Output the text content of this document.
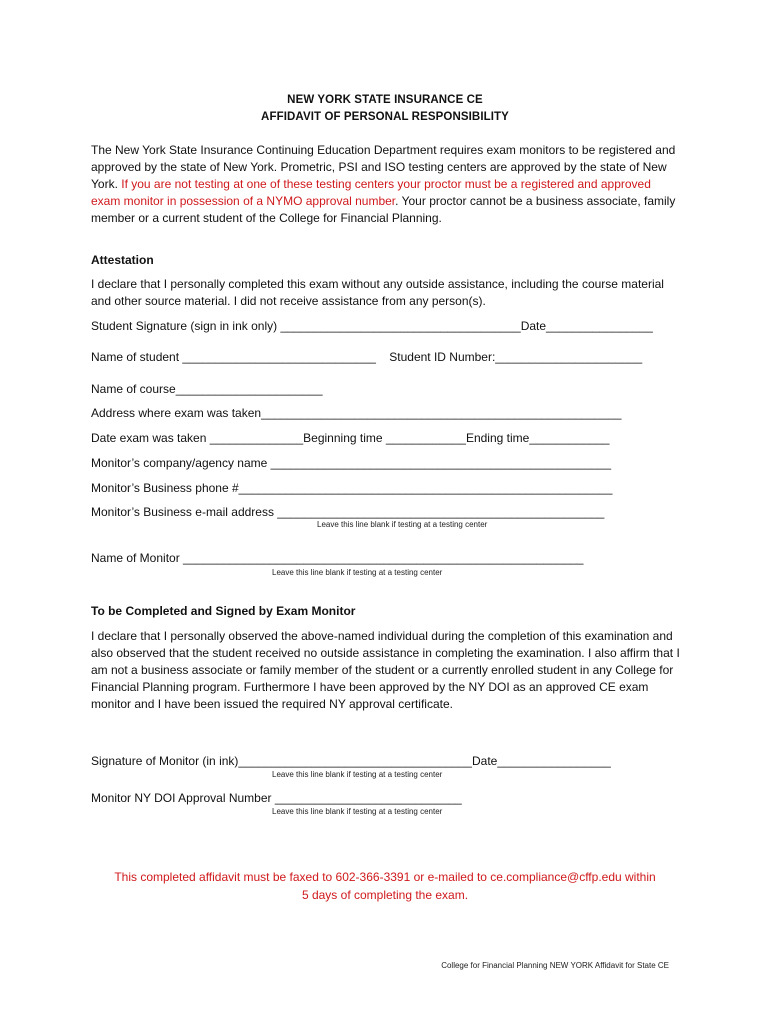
NEW YORK STATE INSURANCE CE
AFFIDAVIT OF PERSONAL RESPONSIBILITY
The New York State Insurance Continuing Education Department requires exam monitors to be registered and approved by the state of New York. Prometric, PSI and ISO testing centers are approved by the state of New York. If you are not testing at one of these testing centers your proctor must be a registered and approved exam monitor in possession of a NYMO approval number. Your proctor cannot be a business associate, family member or a current student of the College for Financial Planning.
Attestation
I declare that I personally completed this exam without any outside assistance, including the course material and other source material. I did not receive assistance from any person(s).
Student Signature (sign in ink only) ____________________________________Date________________
Name of student _____________________________    Student ID Number:______________________
Name of course______________________
Address where exam was taken______________________________________________________
Date exam was taken ______________Beginning time ____________Ending time____________
Monitor’s company/agency name ___________________________________________________
Monitor’s Business phone #________________________________________________________
Monitor’s Business e-mail address _________________________________________________
Leave this line blank if testing at a testing center
Name of Monitor ____________________________________________________________
Leave this line blank if testing at a testing center
To be Completed and Signed by Exam Monitor
I declare that I personally observed the above-named individual during the completion of this examination and also observed that the student received no outside assistance in completing the examination. I also affirm that I am not a business associate or family member of the student or a currently enrolled student in any College for Financial Planning program. Furthermore I have been approved by the NY DOI as an approved CE exam monitor and I have been issued the required NY approval certificate.
Signature of Monitor (in ink)___________________________________Date_________________
Leave this line blank if testing at a testing center
Monitor NY DOI Approval Number ____________________________
Leave this line blank if testing at a testing center
This completed affidavit must be faxed to 602-366-3391 or e-mailed to ce.compliance@cffp.edu within
5 days of completing the exam.
College for Financial Planning NEW YORK Affidavit for State CE
